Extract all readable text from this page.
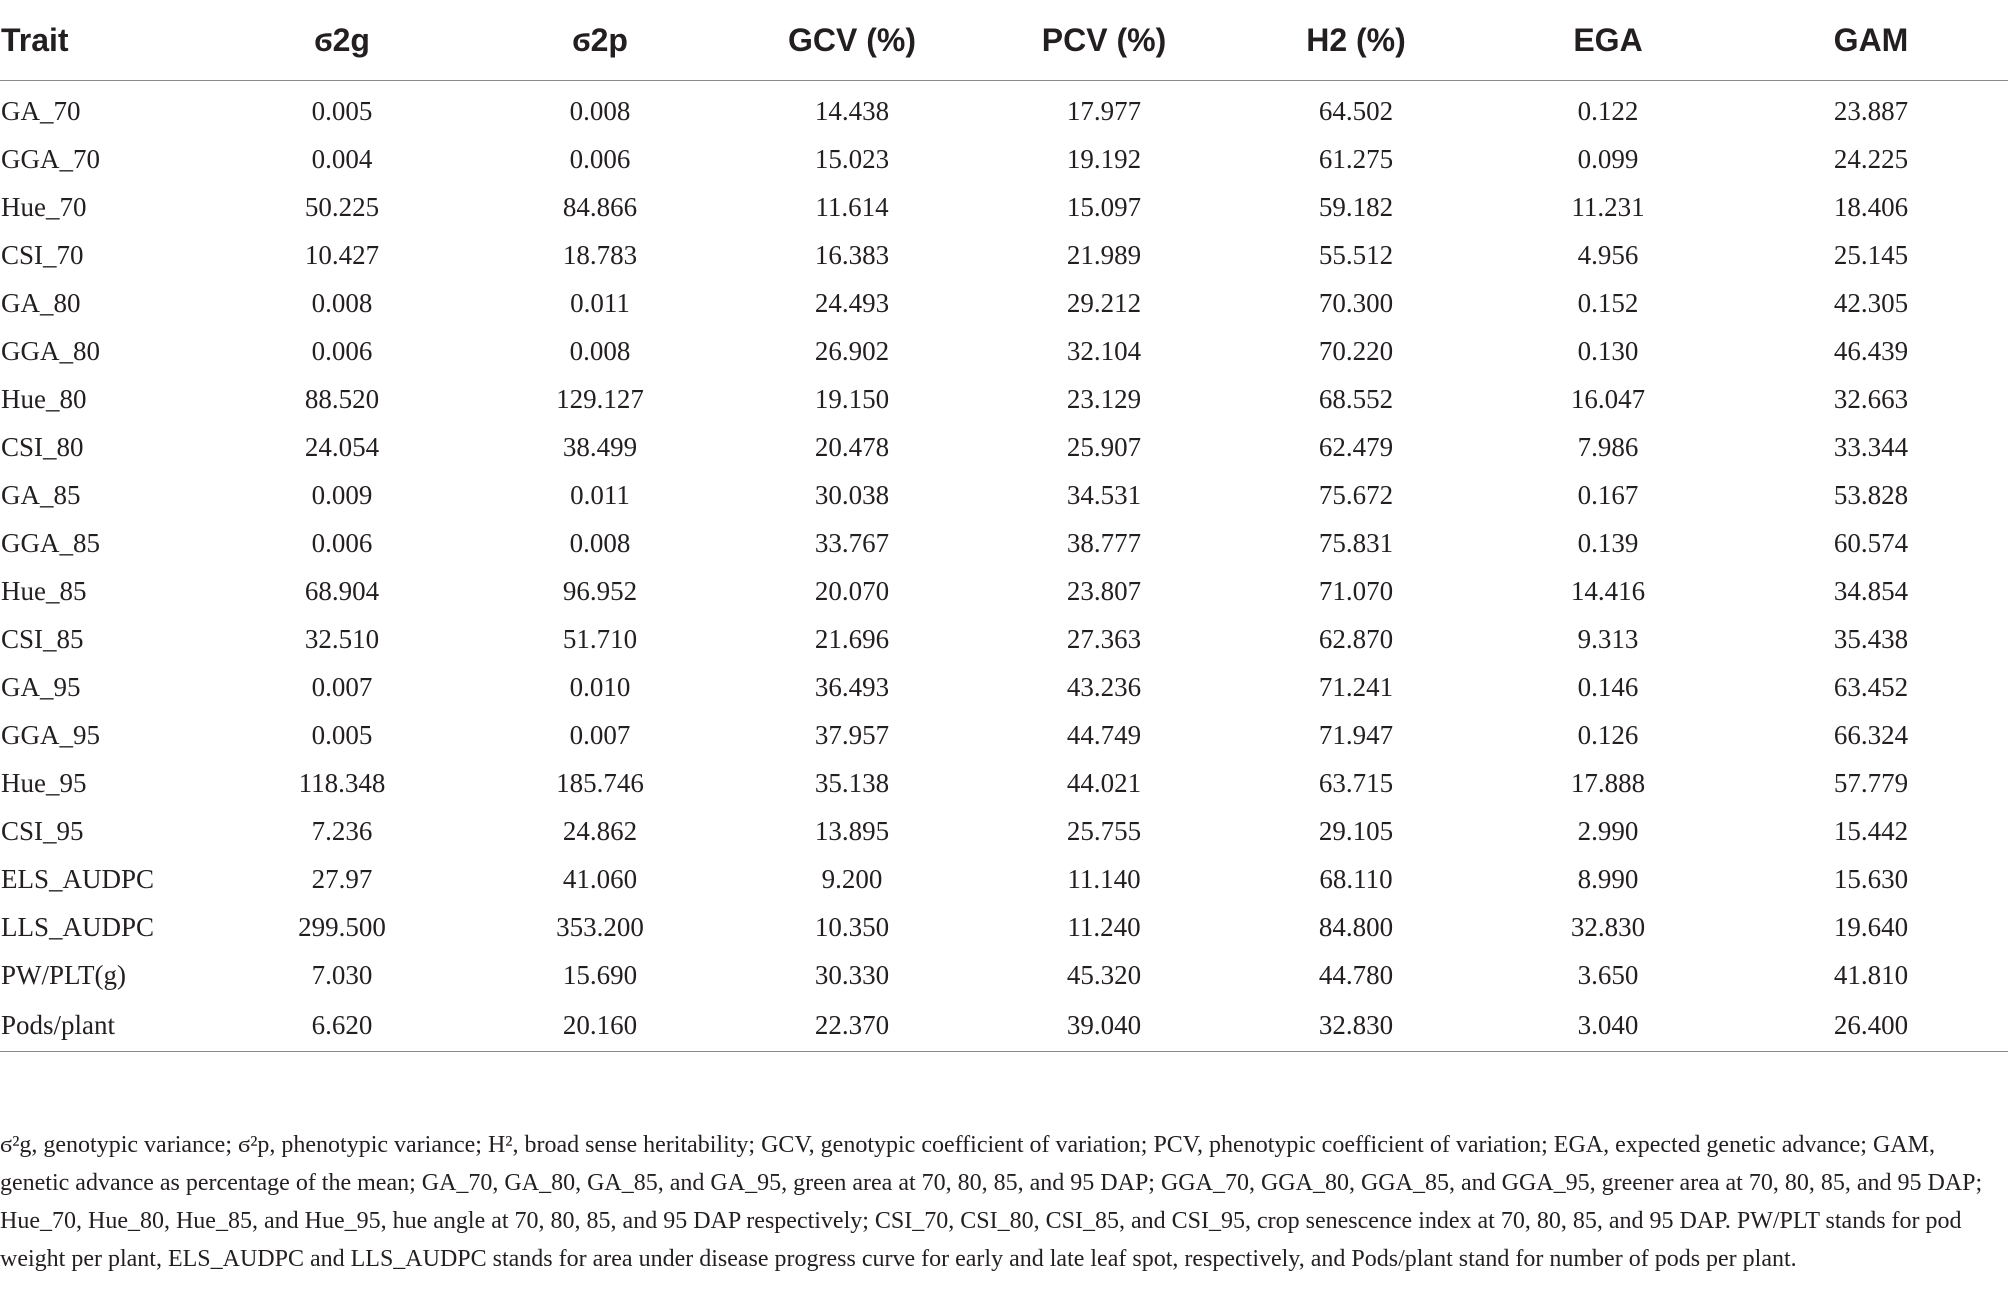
Trait	ϭ2g	ϭ2p	GCV (%)	PCV (%)	H2 (%)	EGA	GAM
GA_70	0.005	0.008	14.438	17.977	64.502	0.122	23.887
GGA_70	0.004	0.006	15.023	19.192	61.275	0.099	24.225
Hue_70	50.225	84.866	11.614	15.097	59.182	11.231	18.406
CSI_70	10.427	18.783	16.383	21.989	55.512	4.956	25.145
GA_80	0.008	0.011	24.493	29.212	70.300	0.152	42.305
GGA_80	0.006	0.008	26.902	32.104	70.220	0.130	46.439
Hue_80	88.520	129.127	19.150	23.129	68.552	16.047	32.663
CSI_80	24.054	38.499	20.478	25.907	62.479	7.986	33.344
GA_85	0.009	0.011	30.038	34.531	75.672	0.167	53.828
GGA_85	0.006	0.008	33.767	38.777	75.831	0.139	60.574
Hue_85	68.904	96.952	20.070	23.807	71.070	14.416	34.854
CSI_85	32.510	51.710	21.696	27.363	62.870	9.313	35.438
GA_95	0.007	0.010	36.493	43.236	71.241	0.146	63.452
GGA_95	0.005	0.007	37.957	44.749	71.947	0.126	66.324
Hue_95	118.348	185.746	35.138	44.021	63.715	17.888	57.779
CSI_95	7.236	24.862	13.895	25.755	29.105	2.990	15.442
ELS_AUDPC	27.97	41.060	9.200	11.140	68.110	8.990	15.630
LLS_AUDPC	299.500	353.200	10.350	11.240	84.800	32.830	19.640
PW/PLT(g)	7.030	15.690	30.330	45.320	44.780	3.650	41.810
Pods/plant	6.620	20.160	22.370	39.040	32.830	3.040	26.400

ϭ²g, genotypic variance; ϭ²p, phenotypic variance; H², broad sense heritability; GCV, genotypic coefficient of variation; PCV, phenotypic coefficient of variation; EGA, expected genetic advance; GAM, genetic advance as percentage of the mean; GA_70, GA_80, GA_85, and GA_95, green area at 70, 80, 85, and 95 DAP; GGA_70, GGA_80, GGA_85, and GGA_95, greener area at 70, 80, 85, and 95 DAP; Hue_70, Hue_80, Hue_85, and Hue_95, hue angle at 70, 80, 85, and 95 DAP respectively; CSI_70, CSI_80, CSI_85, and CSI_95, crop senescence index at 70, 80, 85, and 95 DAP. PW/PLT stands for pod weight per plant, ELS_AUDPC and LLS_AUDPC stands for area under disease progress curve for early and late leaf spot, respectively, and Pods/plant stand for number of pods per plant.
